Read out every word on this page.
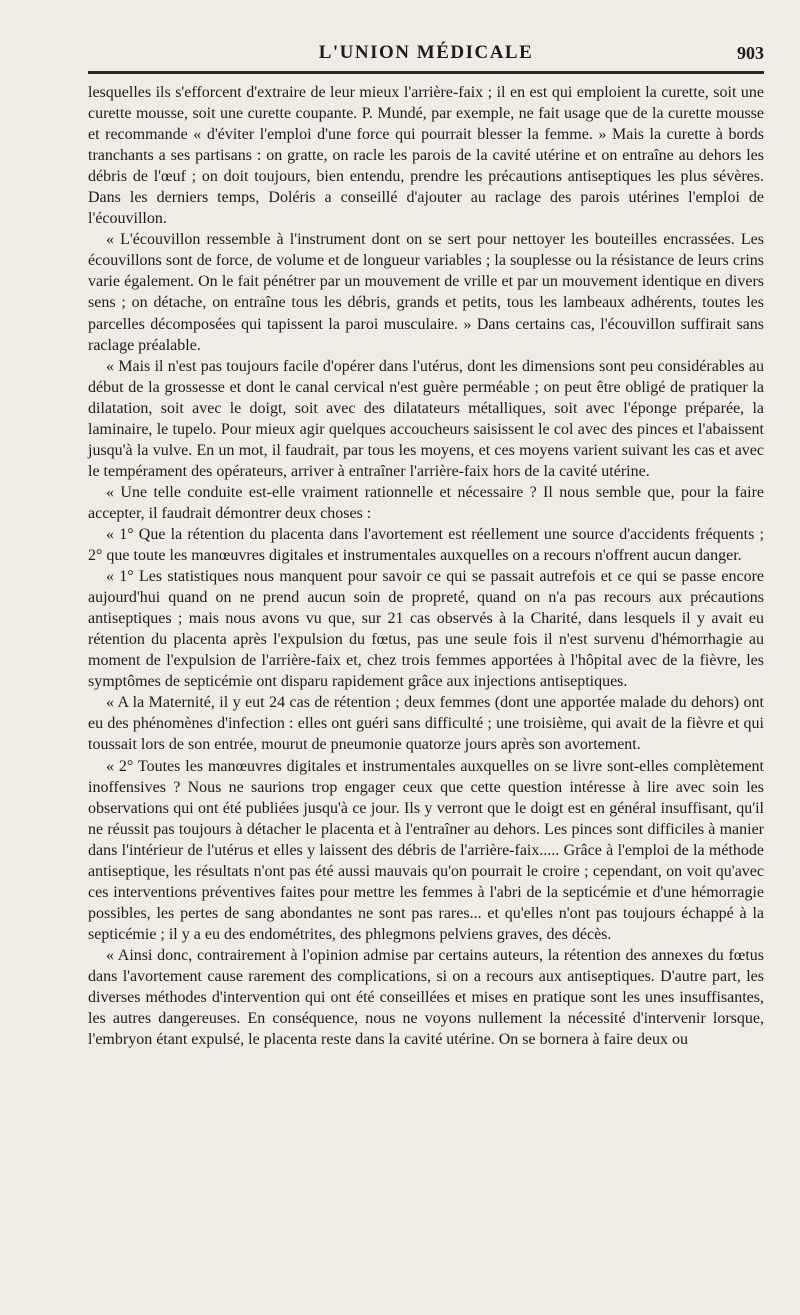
L'UNION MÉDICALE	903

lesquelles ils s'efforcent d'extraire de leur mieux l'arrière-faix ; il en est qui emploient la curette, soit une curette mousse, soit une curette coupante. P. Mundé, par exemple, ne fait usage que de la curette mousse et recommande « d'éviter l'emploi d'une force qui pourrait blesser la femme. » Mais la curette à bords tranchants a ses partisans : on gratte, on racle les parois de la cavité utérine et on entraîne au dehors les débris de l'œuf ; on doit toujours, bien entendu, prendre les précautions antiseptiques les plus sévères. Dans les derniers temps, Doléris a conseillé d'ajouter au raclage des parois utérines l'emploi de l'écouvillon.

« L'écouvillon ressemble à l'instrument dont on se sert pour nettoyer les bouteilles encrassées. Les écouvillons sont de force, de volume et de longueur variables ; la souplesse ou la résistance de leurs crins varie également. On le fait pénétrer par un mouvement de vrille et par un mouvement identique en divers sens ; on détache, on entraîne tous les débris, grands et petits, tous les lambeaux adhérents, toutes les parcelles décomposées qui tapissent la paroi musculaire. » Dans certains cas, l'écouvillon suffirait sans raclage préalable.

« Mais il n'est pas toujours facile d'opérer dans l'utérus, dont les dimensions sont peu considérables au début de la grossesse et dont le canal cervical n'est guère perméable ; on peut être obligé de pratiquer la dilatation, soit avec le doigt, soit avec des dilatateurs métalliques, soit avec l'éponge préparée, la laminaire, le tupelo. Pour mieux agir quelques accoucheurs saisissent le col avec des pinces et l'abaissent jusqu'à la vulve. En un mot, il faudrait, par tous les moyens, et ces moyens varient suivant les cas et avec le tempérament des opérateurs, arriver à entraîner l'arrière-faix hors de la cavité utérine.

« Une telle conduite est-elle vraiment rationnelle et nécessaire ? Il nous semble que, pour la faire accepter, il faudrait démontrer deux choses :

« 1° Que la rétention du placenta dans l'avortement est réellement une source d'accidents fréquents ; 2° que toute les manœuvres digitales et instrumentales auxquelles on a recours n'offrent aucun danger.

« 1° Les statistiques nous manquent pour savoir ce qui se passait autrefois et ce qui se passe encore aujourd'hui quand on ne prend aucun soin de propreté, quand on n'a pas recours aux précautions antiseptiques ; mais nous avons vu que, sur 21 cas observés à la Charité, dans lesquels il y avait eu rétention du placenta après l'expulsion du fœtus, pas une seule fois il n'est survenu d'hémorrhagie au moment de l'expulsion de l'arrière-faix et, chez trois femmes apportées à l'hôpital avec de la fièvre, les symptômes de septicémie ont disparu rapidement grâce aux injections antiseptiques.

« A la Maternité, il y eut 24 cas de rétention ; deux femmes (dont une apportée malade du dehors) ont eu des phénomènes d'infection : elles ont guéri sans difficulté ; une troisième, qui avait de la fièvre et qui toussait lors de son entrée, mourut de pneumonie quatorze jours après son avortement.

« 2° Toutes les manœuvres digitales et instrumentales auxquelles on se livre sont-elles complètement inoffensives ? Nous ne saurions trop engager ceux que cette question intéresse à lire avec soin les observations qui ont été publiées jusqu'à ce jour. Ils y verront que le doigt est en général insuffisant, qu'il ne réussit pas toujours à détacher le placenta et à l'entraîner au dehors. Les pinces sont difficiles à manier dans l'intérieur de l'utérus et elles y laissent des débris de l'arrière-faix..... Grâce à l'emploi de la méthode antiseptique, les résultats n'ont pas été aussi mauvais qu'on pourrait le croire ; cependant, on voit qu'avec ces interventions préventives faites pour mettre les femmes à l'abri de la septicémie et d'une hémorragie possibles, les pertes de sang abondantes ne sont pas rares... et qu'elles n'ont pas toujours échappé à la septicémie ; il y a eu des endométrites, des phlegmons pelviens graves, des décès.

« Ainsi donc, contrairement à l'opinion admise par certains auteurs, la rétention des annexes du fœtus dans l'avortement cause rarement des complications, si on a recours aux antiseptiques. D'autre part, les diverses méthodes d'intervention qui ont été conseillées et mises en pratique sont les unes insuffisantes, les autres dangereuses. En conséquence, nous ne voyons nullement la nécessité d'intervenir lorsque, l'embryon étant expulsé, le placenta reste dans la cavité utérine. On se bornera à faire deux ou
